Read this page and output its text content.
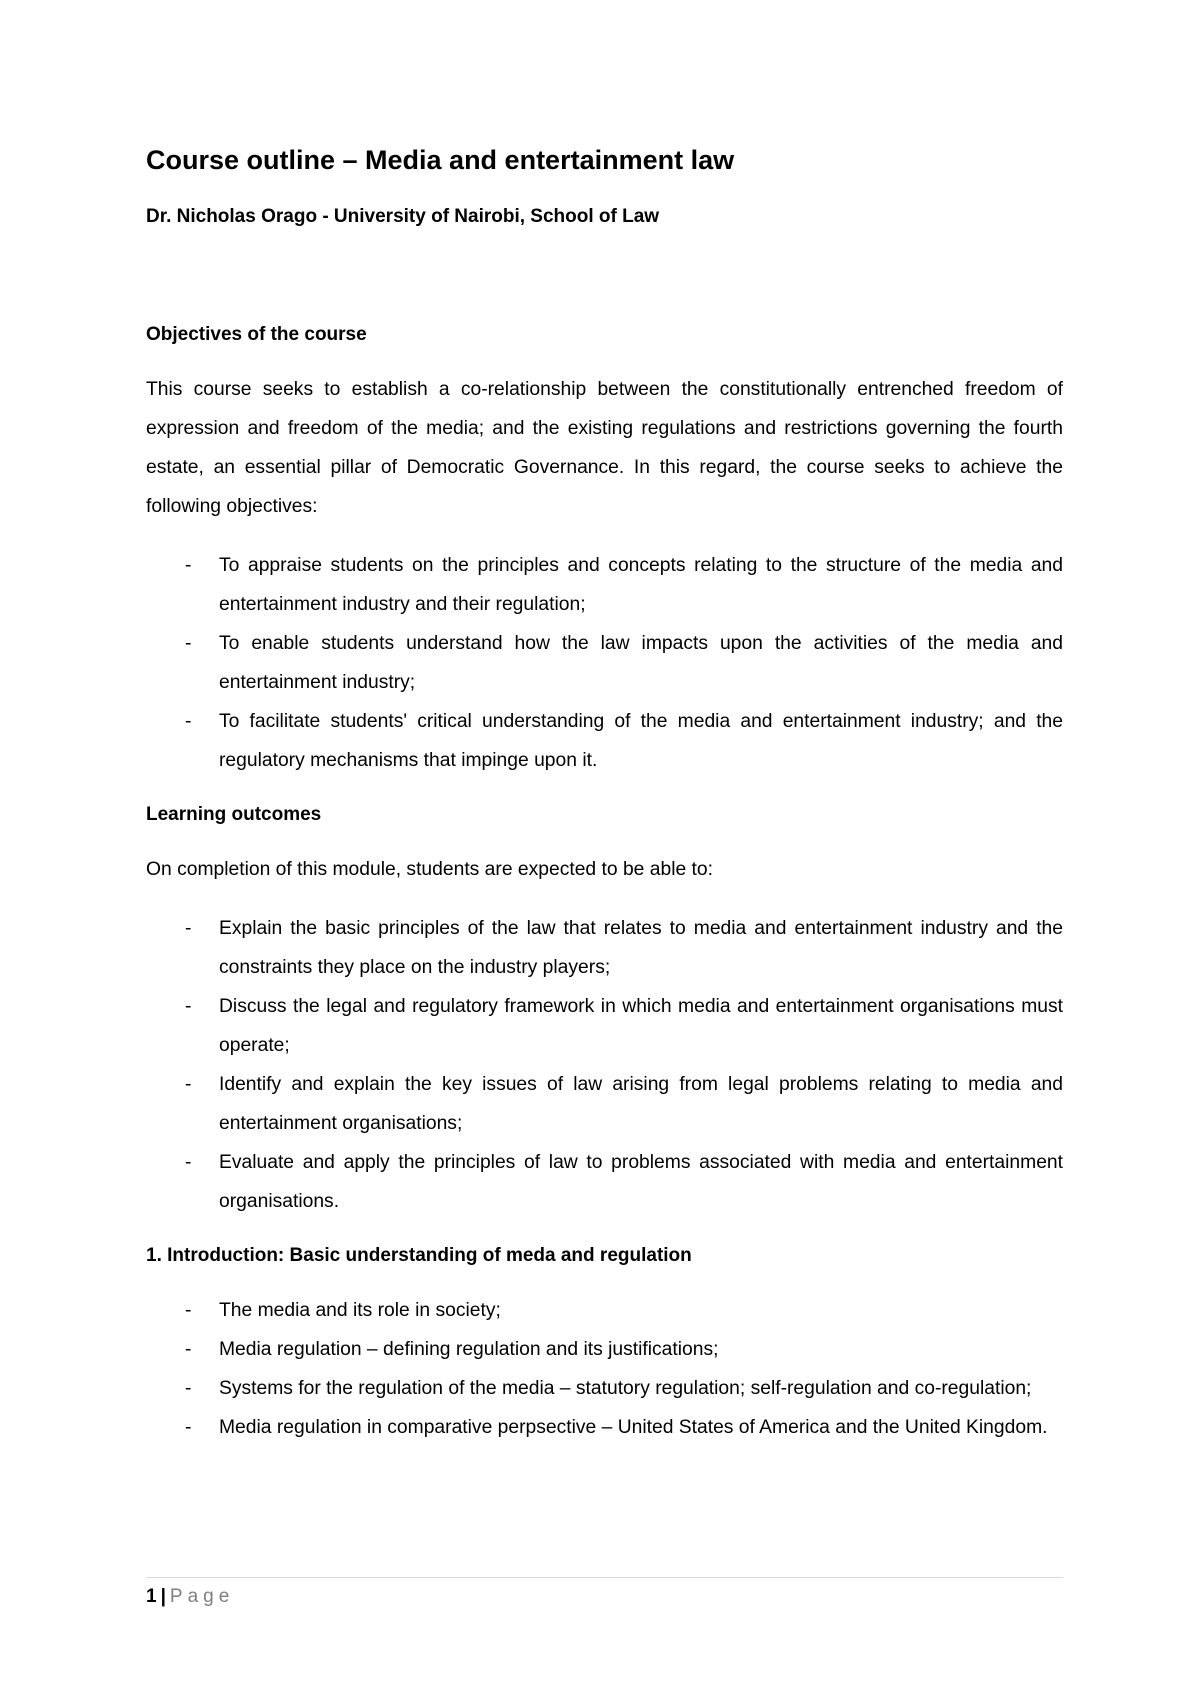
Course outline – Media and entertainment law

Dr. Nicholas Orago - University of Nairobi, School of Law

Objectives of the course

This course seeks to establish a co-relationship between the constitutionally entrenched freedom of expression and freedom of the media; and the existing regulations and restrictions governing the fourth estate, an essential pillar of Democratic Governance. In this regard, the course seeks to achieve the following objectives:

- To appraise students on the principles and concepts relating to the structure of the media and entertainment industry and their regulation;
- To enable students understand how the law impacts upon the activities of the media and entertainment industry;
- To facilitate students' critical understanding of the media and entertainment industry; and the regulatory mechanisms that impinge upon it.
Learning outcomes

On completion of this module, students are expected to be able to:

- Explain the basic principles of the law that relates to media and entertainment industry and the constraints they place on the industry players;
- Discuss the legal and regulatory framework in which media and entertainment organisations must operate;
- Identify and explain the key issues of law arising from legal problems relating to media and entertainment organisations;
- Evaluate and apply the principles of law to problems associated with media and entertainment organisations.
1. Introduction: Basic understanding of meda and regulation
- The media and its role in society;
- Media regulation – defining regulation and its justifications;
- Systems for the regulation of the media – statutory regulation; self-regulation and co-regulation;
- Media regulation in comparative perpsective – United States of America and the United Kingdom.
1 | Page
